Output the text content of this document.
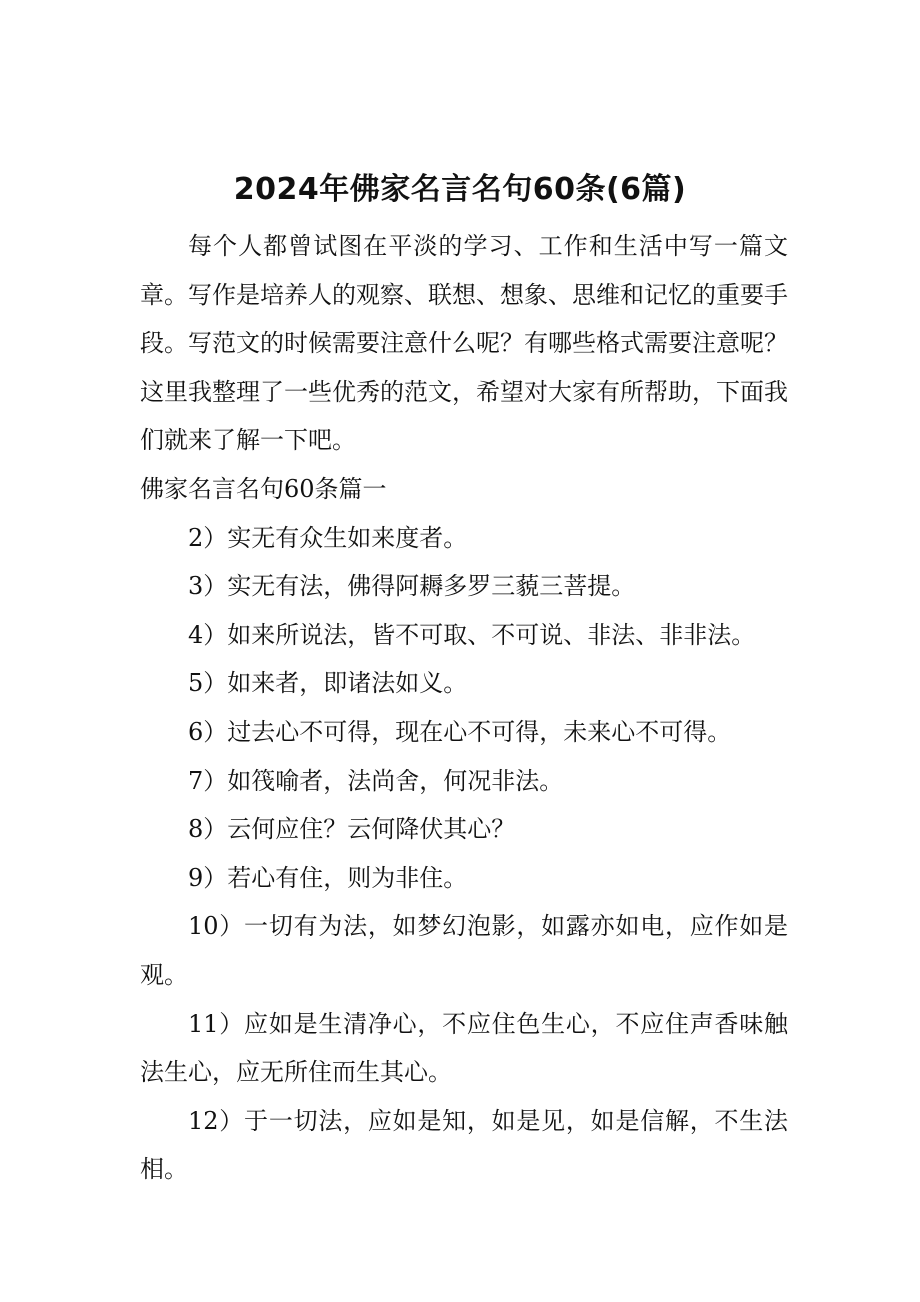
2024年佛家名言名句60条(6篇)

每个人都曾试图在平淡的学习、工作和生活中写一篇文章。写作是培养人的观察、联想、想象、思维和记忆的重要手段。写范文的时候需要注意什么呢？有哪些格式需要注意呢？这里我整理了一些优秀的范文，希望对大家有所帮助，下面我们就来了解一下吧。

佛家名言名句60条篇一

2）实无有众生如来度者。
3）实无有法，佛得阿耨多罗三藐三菩提。
4）如来所说法，皆不可取、不可说、非法、非非法。
5）如来者，即诸法如义。
6）过去心不可得，现在心不可得，未来心不可得。
7）如筏喻者，法尚舍，何况非法。
8）云何应住？云何降伏其心？
9）若心有住，则为非住。
10）一切有为法，如梦幻泡影，如露亦如电，应作如是观。
11）应如是生清净心，不应住色生心，不应住声香味触法生心，应无所住而生其心。
12）于一切法，应如是知，如是见，如是信解，不生法相。
